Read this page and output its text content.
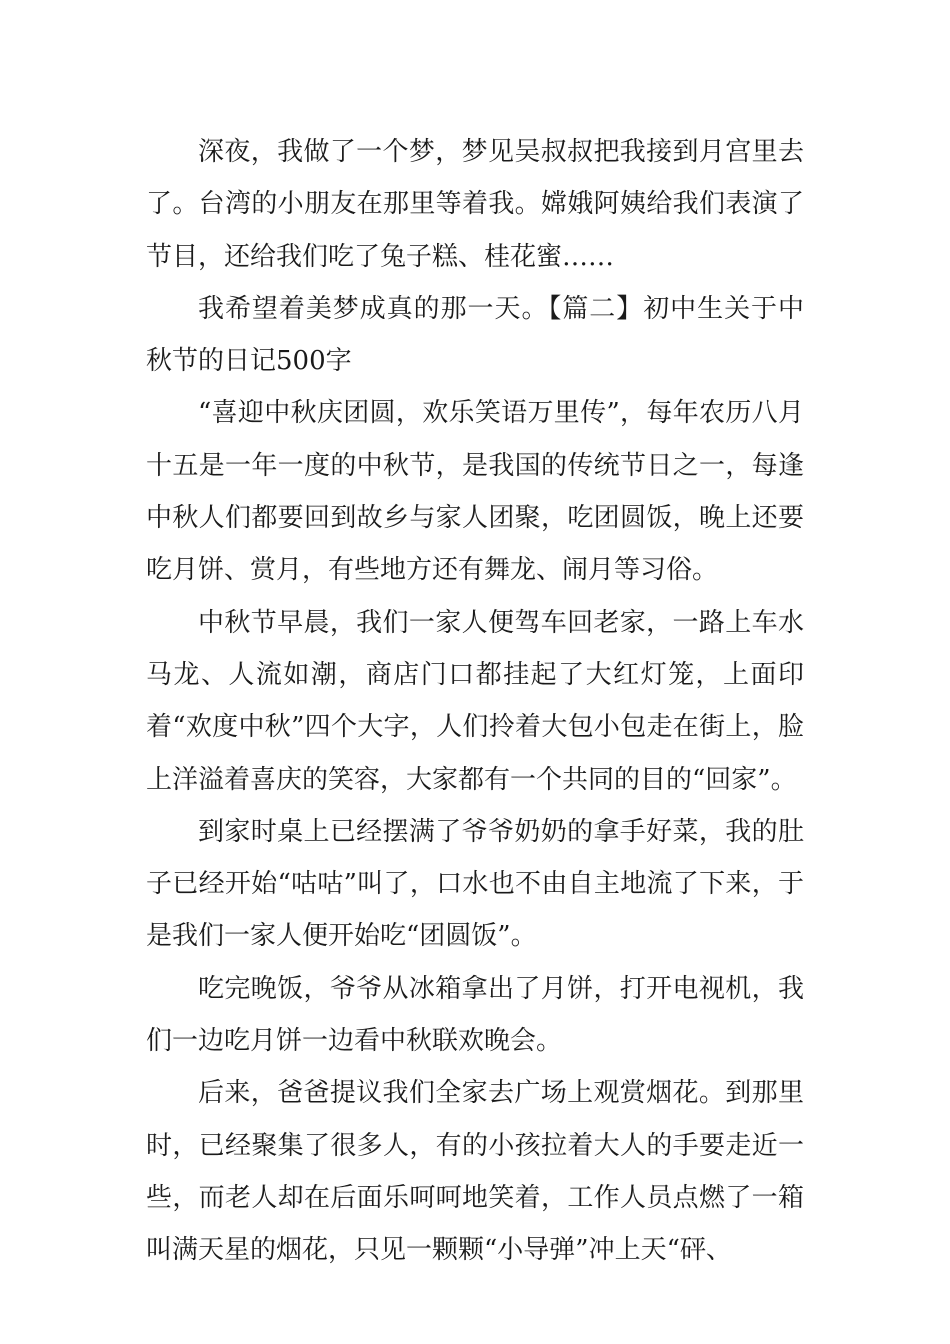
深夜，我做了一个梦，梦见吴叔叔把我接到月宫里去了。台湾的小朋友在那里等着我。嫦娥阿姨给我们表演了节目，还给我们吃了兔子糕、桂花蜜……

我希望着美梦成真的那一天。【篇二】初中生关于中秋节的日记500字

“喜迎中秋庆团圆，欢乐笑语万里传”，每年农历八月十五是一年一度的中秋节，是我国的传统节日之一，每逢中秋人们都要回到故乡与家人团聚，吃团圆饭，晚上还要吃月饼、赏月，有些地方还有舞龙、闹月等习俗。

中秋节早晨，我们一家人便驾车回老家，一路上车水马龙、人流如潮，商店门口都挂起了大红灯笼，上面印着“欢度中秋”四个大字，人们拎着大包小包走在街上，脸上洋溢着喜庆的笑容，大家都有一个共同的目的“回家”。

到家时桌上已经摆满了爷爷奶奶的拿手好菜，我的肚子已经开始“咕咕”叫了，口水也不由自主地流了下来，于是我们一家人便开始吃“团圆饭”。

吃完晚饭，爷爷从冰箱拿出了月饼，打开电视机，我们一边吃月饼一边看中秋联欢晚会。

后来，爸爸提议我们全家去广场上观赏烟花。到那里时，已经聚集了很多人，有的小孩拉着大人的手要走近一些，而老人却在后面乐呵呵地笑着，工作人员点燃了一箱叫满天星的烟花，只见一颗颗“小导弹”冲上天“砰、
